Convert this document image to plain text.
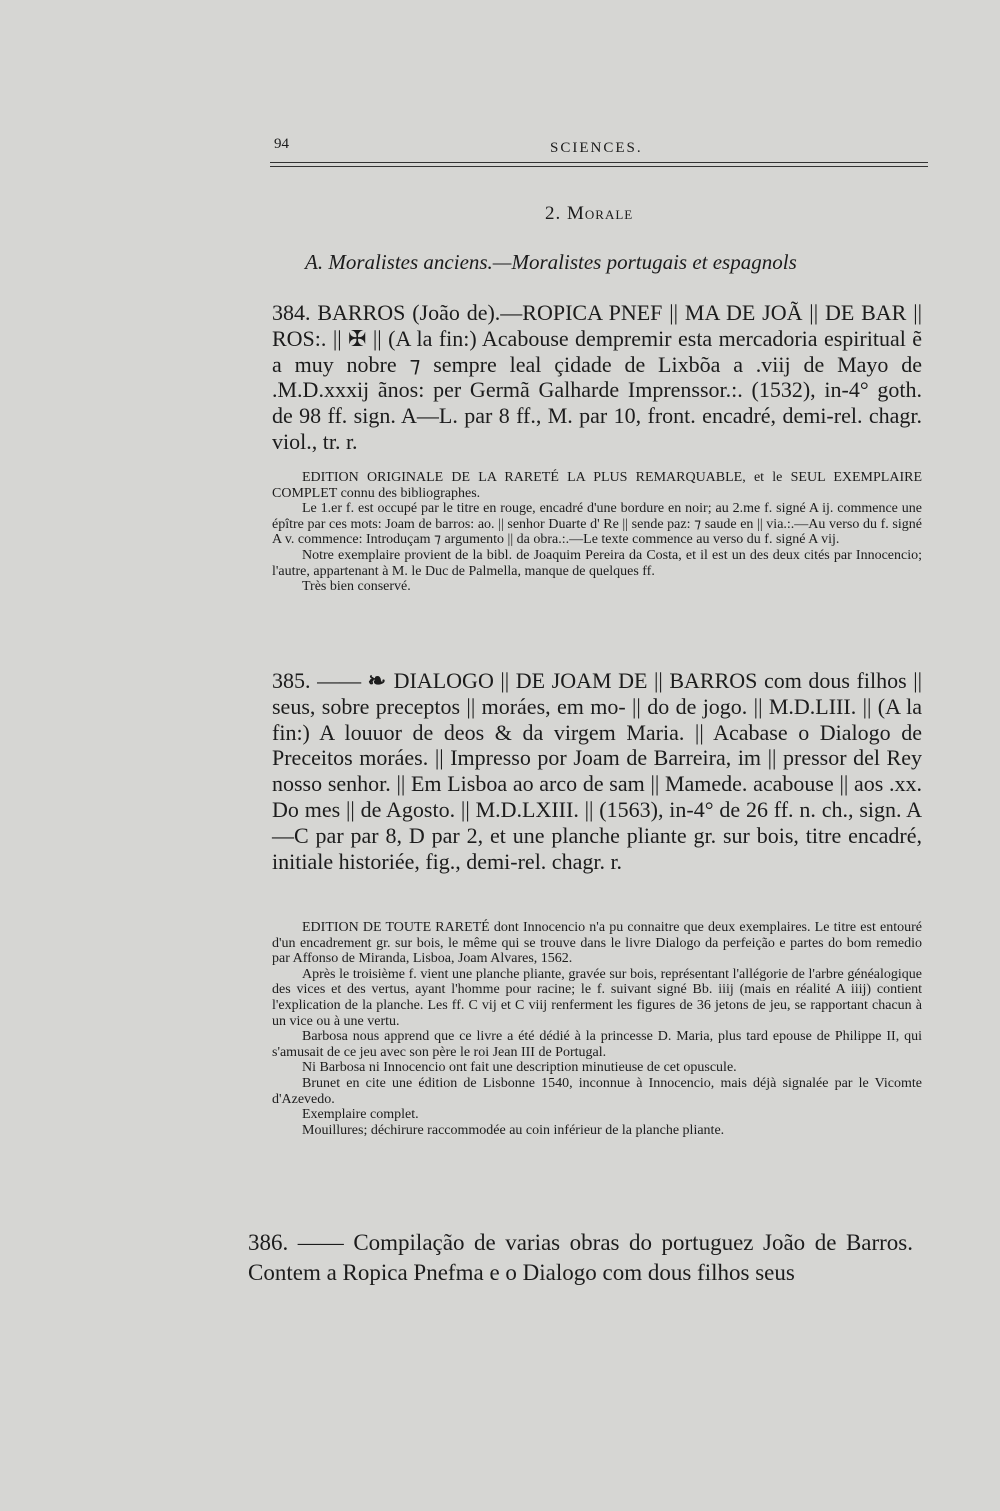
94	SCIENCES.
2. Morale
A. Moralistes anciens.—Moralistes portugais et espagnols
384. BARROS (João de).—ROPICA PNEF || MA DE JOÃ || DE BAR || ROS:. || ✠ || (A la fin:) Acabouse dempremir esta mercadoria espiritual ẽ a muy nobre ⁊ sempre leal çidade de Lixbõa a .viij de Mayo de .M.D.xxxij ãnos: per Germã Galharde Imprenssor.:. (1532), in-4° goth. de 98 ff. sign. A—L. par 8 ff., M. par 10, front. encadré, demi-rel. chagr. viol., tr. r.

EDITION ORIGINALE DE LA RARETÉ LA PLUS REMARQUABLE, et le SEUL EXEMPLAIRE COMPLET connu des bibliographes.

Le 1.er f. est occupé par le titre en rouge, encadré d'une bordure en noir; au 2.me f. signé A ij. commence une épître par ces mots: Joam de barros: ao. || senhor Duarte d' Re || sende paz: ⁊ saude en || via.:.—Au verso du f. signé A v. commence: Introduçam ⁊ argumento || da obra.:.—Le texte commence au verso du f. signé A vij.

Notre exemplaire provient de la bibl. de Joaquim Pereira da Costa, et il est un des deux cités par Innocencio; l'autre, appartenant à M. le Duc de Palmella, manque de quelques ff.

Très bien conservé.

385. —— ❧ DIALOGO || DE JOAM DE || BARROS com dous filhos || seus, sobre preceptos || moráes, em mo- || do de jogo. || M.D.LIII. || (A la fin:) A louuor de deos & da virgem Maria. || Acabase o Dialogo de Preceitos moráes. || Impresso por Joam de Barreira, im || pressor del Rey nosso senhor. || Em Lisboa ao arco de sam || Mamede. acabouse || aos .xx. Do mes || de Agosto. || M.D.LXIII. || (1563), in-4° de 26 ff. n. ch., sign. A—C par par 8, D par 2, et une planche pliante gr. sur bois, titre encadré, initiale historiée, fig., demi-rel. chagr. r.

EDITION DE TOUTE RARETÉ dont Innocencio n'a pu connaitre que deux exemplaires. Le titre est entouré d'un encadrement gr. sur bois, le même qui se trouve dans le livre Dialogo da perfeição e partes do bom remedio par Affonso de Miranda, Lisboa, Joam Alvares, 1562.

Après le troisième f. vient une planche pliante, gravée sur bois, représentant l'allégorie de l'arbre généalogique des vices et des vertus, ayant l'homme pour racine; le f. suivant signé Bb. iiij (mais en réalité A iiij) contient l'explication de la planche. Les ff. C vij et C viij renferment les figures de 36 jetons de jeu, se rapportant chacun à un vice ou à une vertu.

Barbosa nous apprend que ce livre a été dédié à la princesse D. Maria, plus tard epouse de Philippe II, qui s'amusait de ce jeu avec son père le roi Jean III de Portugal.

Ni Barbosa ni Innocencio ont fait une description minutieuse de cet opuscule.

Brunet en cite une édition de Lisbonne 1540, inconnue à Innocencio, mais déjà signalée par le Vicomte d'Azevedo.

Exemplaire complet.

Mouillures; déchirure raccommodée au coin inférieur de la planche pliante.

386. —— Compilação de varias obras do portuguez João de Barros. Contem a Ropica Pnefma e o Dialogo com dous filhos seus
